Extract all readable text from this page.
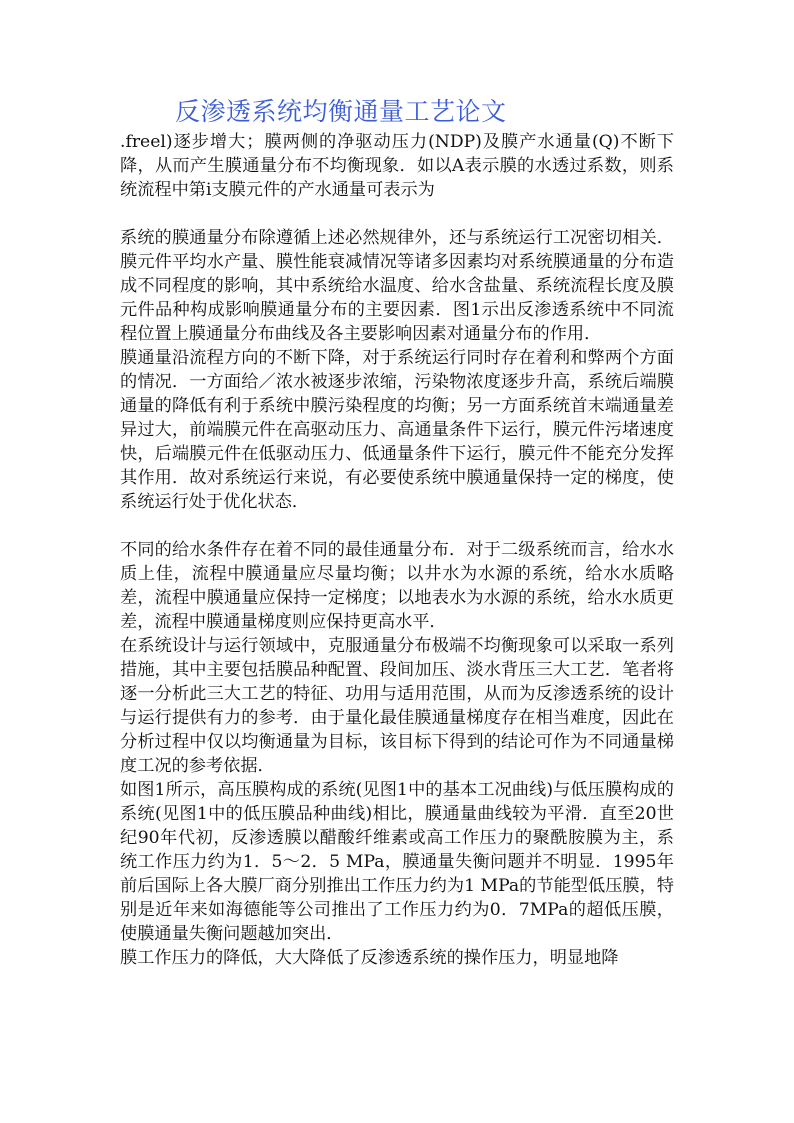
反渗透系统均衡通量工艺论文

.freel)逐步增大；膜两侧的净驱动压力(NDP)及膜产水通量(Q)不断下降，从而产生膜通量分布不均衡现象．如以A表示膜的水透过系数，则系统流程中第i支膜元件的产水通量可表示为

系统的膜通量分布除遵循上述必然规律外，还与系统运行工况密切相关．膜元件平均水产量、膜性能衰减情况等诸多因素均对系统膜通量的分布造成不同程度的影响，其中系统给水温度、给水含盐量、系统流程长度及膜元件品种构成影响膜通量分布的主要因素．图1示出反渗透系统中不同流程位置上膜通量分布曲线及各主要影响因素对通量分布的作用．

膜通量沿流程方向的不断下降，对于系统运行同时存在着利和弊两个方面的情况．一方面给／浓水被逐步浓缩，污染物浓度逐步升高，系统后端膜通量的降低有利于系统中膜污染程度的均衡；另一方面系统首末端通量差异过大，前端膜元件在高驱动压力、高通量条件下运行，膜元件污堵速度快，后端膜元件在低驱动压力、低通量条件下运行，膜元件不能充分发挥其作用．故对系统运行来说，有必要使系统中膜通量保持一定的梯度，使系统运行处于优化状态．

不同的给水条件存在着不同的最佳通量分布．对于二级系统而言，给水水质上佳，流程中膜通量应尽量均衡；以井水为水源的系统，给水水质略差，流程中膜通量应保持一定梯度；以地表水为水源的系统，给水水质更差，流程中膜通量梯度则应保持更高水平．

在系统设计与运行领域中，克服通量分布极端不均衡现象可以采取一系列措施，其中主要包括膜品种配置、段间加压、淡水背压三大工艺．笔者将逐一分析此三大工艺的特征、功用与适用范围，从而为反渗透系统的设计与运行提供有力的参考．由于量化最佳膜通量梯度存在相当难度，因此在分析过程中仅以均衡通量为目标，该目标下得到的结论可作为不同通量梯度工况的参考依据．

如图1所示，高压膜构成的系统(见图1中的基本工况曲线)与低压膜构成的系统(见图1中的低压膜品种曲线)相比，膜通量曲线较为平滑．直至20世纪90年代初，反渗透膜以醋酸纤维素或高工作压力的聚酰胺膜为主，系统工作压力约为1．5～2．5 MPa，膜通量失衡问题并不明显．1995年前后国际上各大膜厂商分别推出工作压力约为1 MPa的节能型低压膜，特别是近年来如海德能等公司推出了工作压力约为0．7MPa的超低压膜，使膜通量失衡问题越加突出．

膜工作压力的降低，大大降低了反渗透系统的操作压力，明显地降
